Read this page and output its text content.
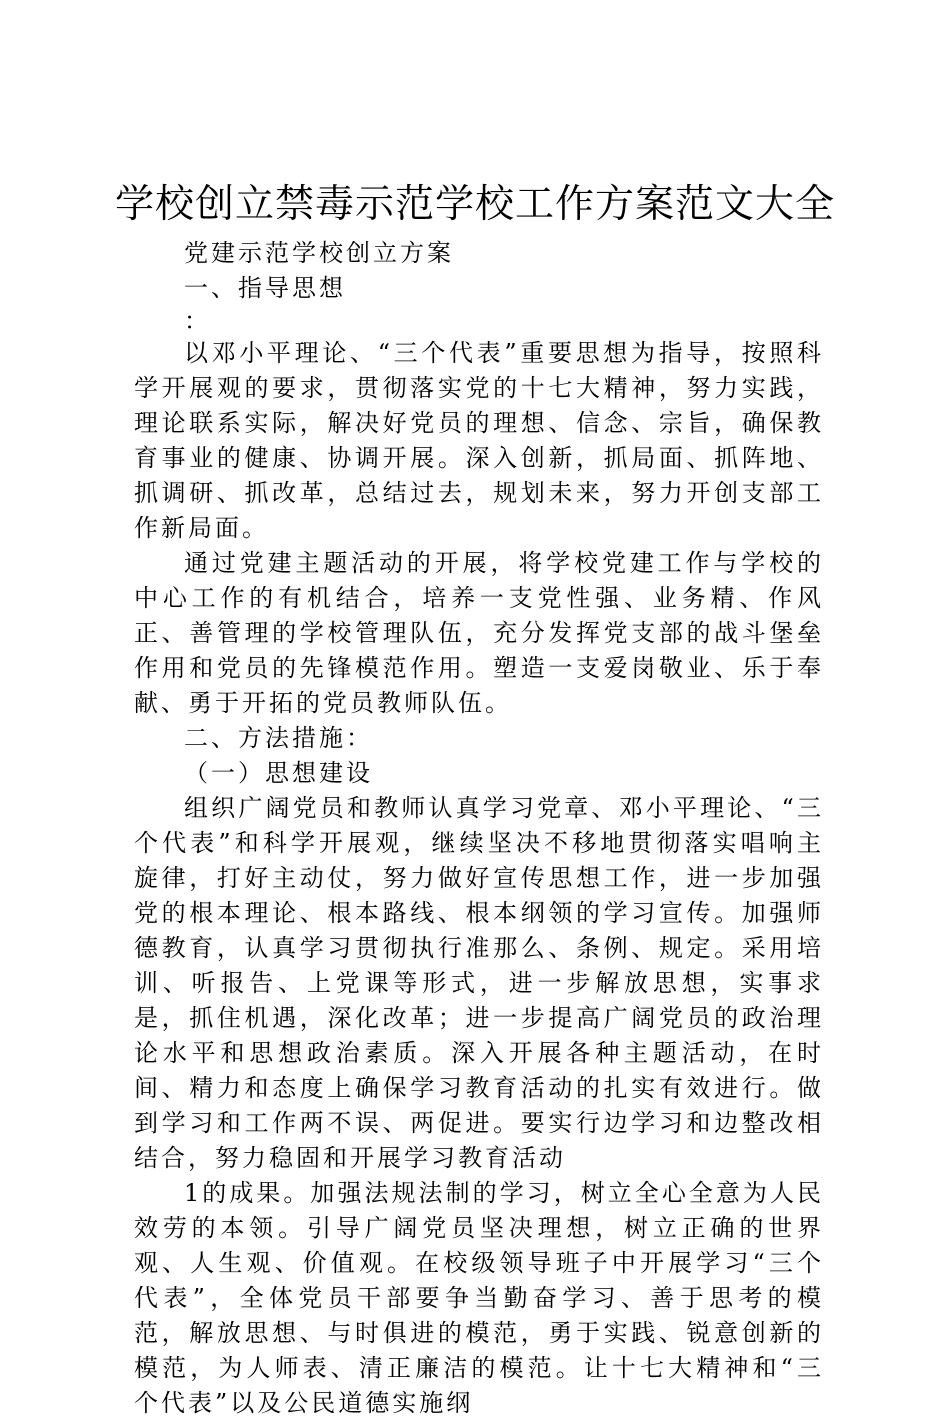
学校创立禁毒示范学校工作方案范文大全

党建示范学校创立方案

一、指导思想

：

以邓小平理论、“三个代表”重要思想为指导，按照科学开展观的要求，贯彻落实党的十七大精神，努力实践，理论联系实际，解决好党员的理想、信念、宗旨，确保教育事业的健康、协调开展。深入创新，抓局面、抓阵地、抓调研、抓改革，总结过去，规划未来，努力开创支部工作新局面。

通过党建主题活动的开展，将学校党建工作与学校的中心工作的有机结合，培养一支党性强、业务精、作风正、善管理的学校管理队伍，充分发挥党支部的战斗堡垒作用和党员的先锋模范作用。塑造一支爱岗敬业、乐于奉献、勇于开拓的党员教师队伍。

二、方法措施：

（一）思想建设

组织广阔党员和教师认真学习党章、邓小平理论、“三个代表”和科学开展观，继续坚决不移地贯彻落实唱响主旋律，打好主动仗，努力做好宣传思想工作，进一步加强党的根本理论、根本路线、根本纲领的学习宣传。加强师德教育，认真学习贯彻执行准那么、条例、规定。采用培训、听报告、上党课等形式，进一步解放思想，实事求是，抓住机遇，深化改革；进一步提高广阔党员的政治理论水平和思想政治素质。深入开展各种主题活动，在时间、精力和态度上确保学习教育活动的扎实有效进行。做到学习和工作两不误、两促进。要实行边学习和边整改相结合，努力稳固和开展学习教育活动

1的成果。加强法规法制的学习，树立全心全意为人民效劳的本领。引导广阔党员坚决理想，树立正确的世界观、人生观、价值观。在校级领导班子中开展学习“三个代表”，全体党员干部要争当勤奋学习、善于思考的模范，解放思想、与时俱进的模范，勇于实践、锐意创新的模范，为人师表、清正廉洁的模范。让十七大精神和“三个代表”以及公民道德实施纲
